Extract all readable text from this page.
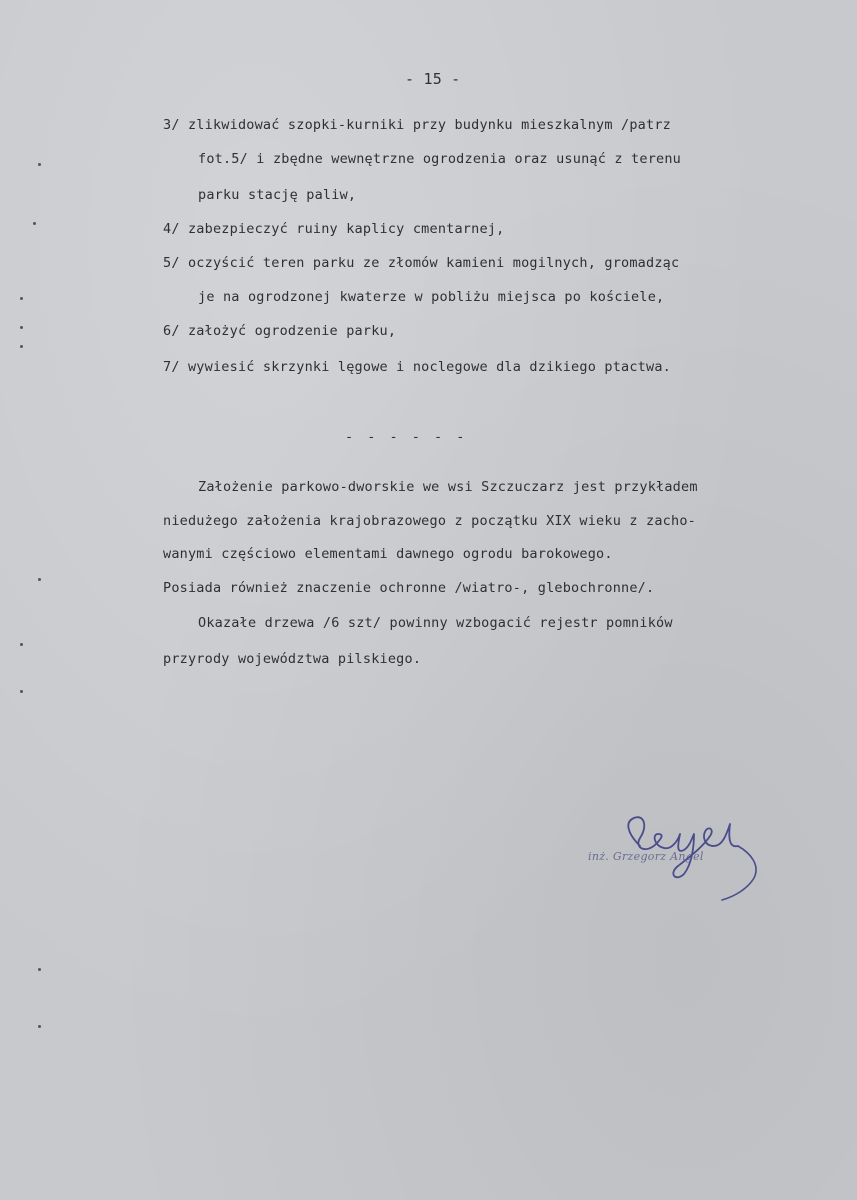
- 15 -
3/ zlikwidować szopki-kurniki przy budynku mieszkalnym /patrz
fot.5/ i zbędne wewnętrzne ogrodzenia oraz usunąć z terenu
parku stację paliw,
4/ zabezpieczyć ruiny kaplicy cmentarnej,
5/ oczyścić teren parku ze złomów kamieni mogilnych, gromadząc
je na ogrodzonej kwaterze w pobliżu miejsca po kościele,
6/ założyć ogrodzenie parku,
7/ wywiesić skrzynki lęgowe i noclegowe dla dzikiego ptactwa.
- - - - - -
Założenie parkowo-dworskie we wsi Szczuczarz jest przykładem
niedużego założenia krajobrazowego z początku XIX wieku z zacho-
wanymi częściowo elementami dawnego ogrodu barokowego.
Posiada również znaczenie ochronne /wiatro-, glebochronne/.
Okazałe drzewa /6 szt/ powinny wzbogacić rejestr pomników
przyrody województwa pilskiego.
inż. Grzegorz Angel
